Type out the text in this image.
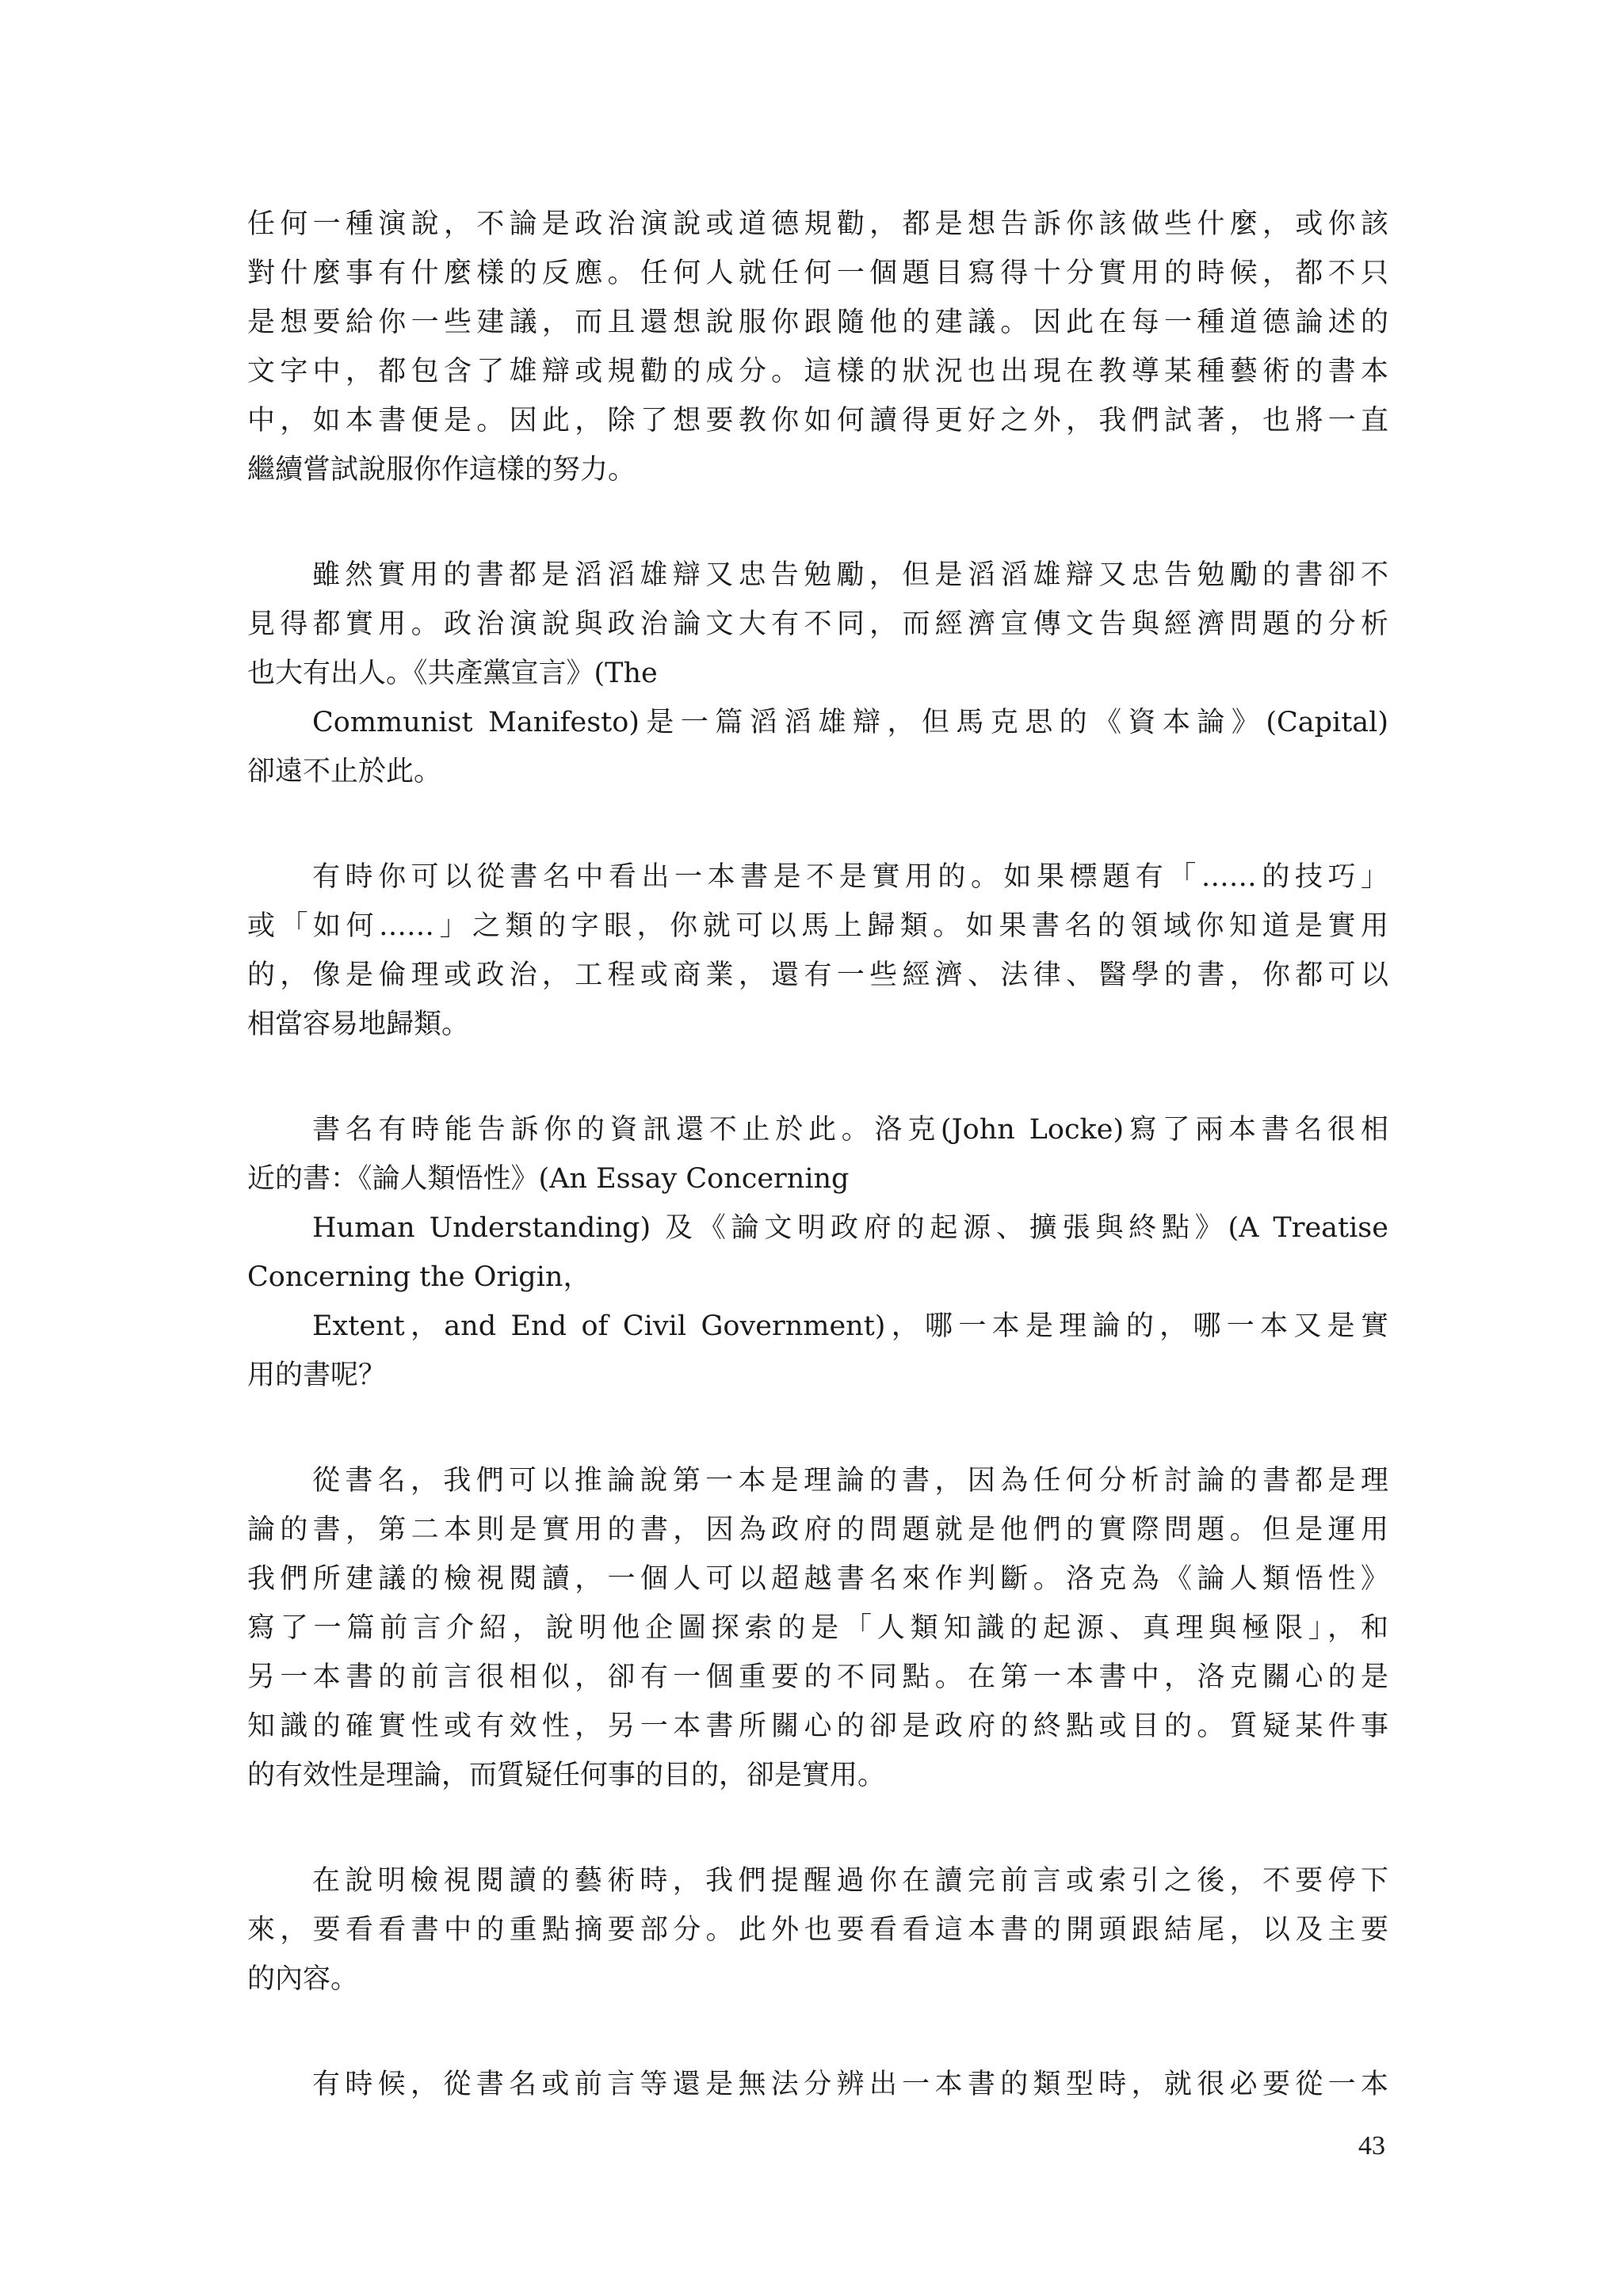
任何一種演說，不論是政治演說或道德規勸，都是想告訴你該做些什麼，或你該
對什麼事有什麼樣的反應。任何人就任何一個題目寫得十分實用的時候，都不只
是想要給你一些建議，而且還想說服你跟隨他的建議。因此在每一種道德論述的
文字中，都包含了雄辯或規勸的成分。這樣的狀況也出現在教導某種藝術的書本
中，如本書便是。因此，除了想要教你如何讀得更好之外，我們試著，也將一直
繼續嘗試說服你作這樣的努力。
雖然實用的書都是滔滔雄辯又忠告勉勵，但是滔滔雄辯又忠告勉勵的書卻不
見得都實用。政治演說與政治論文大有不同，而經濟宣傳文告與經濟問題的分析
也大有出人。《共產黨宣言》(The
Communist Manifesto)是一篇滔滔雄辯，但馬克思的《資本論》(Capital)
卻遠不止於此。
有時你可以從書名中看出一本書是不是實用的。如果標題有「……的技巧」
或「如何……」之類的字眼，你就可以馬上歸類。如果書名的領域你知道是實用
的，像是倫理或政治，工程或商業，還有一些經濟、法律、醫學的書，你都可以
相當容易地歸類。
書名有時能告訴你的資訊還不止於此。洛克(John Locke)寫了兩本書名很相
近的書：《論人類悟性》(An Essay Concerning
Human Understanding) 及《論文明政府的起源、擴張與終點》(A Treatise
Concerning the Origin，
Extent，and End of Civil Government)，哪一本是理論的，哪一本又是實
用的書呢？
從書名，我們可以推論說第一本是理論的書，因為任何分析討論的書都是理
論的書，第二本則是實用的書，因為政府的問題就是他們的實際問題。但是運用
我們所建議的檢視閱讀，一個人可以超越書名來作判斷。洛克為《論人類悟性》
寫了一篇前言介紹，說明他企圖探索的是「人類知識的起源、真理與極限」，和
另一本書的前言很相似，卻有一個重要的不同點。在第一本書中，洛克關心的是
知識的確實性或有效性，另一本書所關心的卻是政府的終點或目的。質疑某件事
的有效性是理論，而質疑任何事的目的，卻是實用。
在說明檢視閱讀的藝術時，我們提醒過你在讀完前言或索引之後，不要停下
來，要看看書中的重點摘要部分。此外也要看看這本書的開頭跟結尾，以及主要
的內容。
有時候，從書名或前言等還是無法分辨出一本書的類型時，就很必要從一本
43
